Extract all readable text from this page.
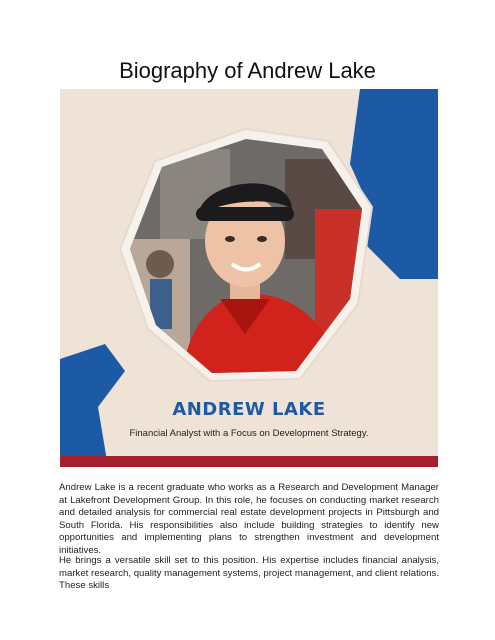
Biography of Andrew Lake
ANDREW LAKE
Financial Analyst with a Focus on Development Strategy.

Andrew Lake is a recent graduate who works as a Research and Development Manager at Lakefront Development Group. In this role, he focuses on conducting market research and detailed analysis for commercial real estate development projects in Pittsburgh and South Florida. His responsibilities also include building strategies to identify new opportunities and implementing plans to strengthen investment and development initiatives.

He brings a versatile skill set to this position. His expertise includes financial analysis, market research, quality management systems, project management, and client relations. These skills
